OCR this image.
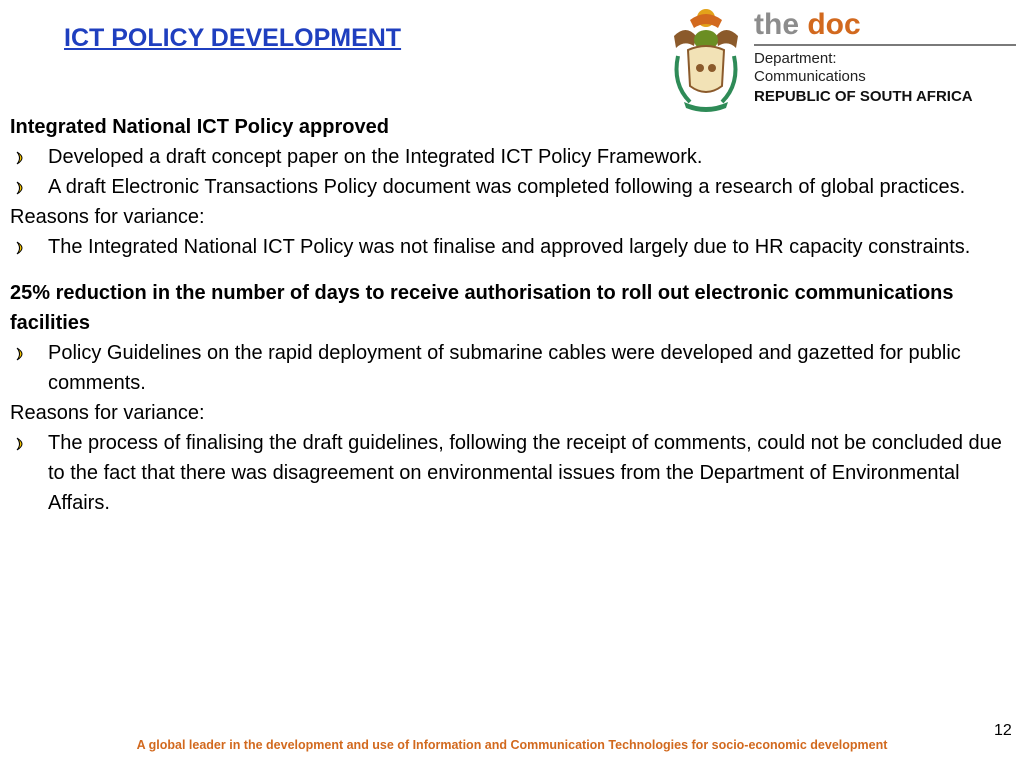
ICT POLICY DEVELOPMENT	the doc
Department:
Communications
REPUBLIC OF SOUTH AFRICA

Integrated National ICT Policy approved

Developed a draft concept paper on the Integrated ICT Policy Framework.

A draft Electronic Transactions Policy document was completed following a research of global practices.

Reasons for variance:

The Integrated National ICT Policy was not finalise and approved largely due to HR capacity constraints.

25% reduction in the number of days to receive authorisation to roll out electronic communications facilities

Policy Guidelines on the rapid deployment of submarine cables were developed and gazetted for public comments.

Reasons for variance:

The process of finalising the draft guidelines, following the receipt of comments, could not be concluded due to the fact that there was disagreement on environmental issues from the Department of Environmental Affairs.

12
A global leader in the development and use of Information and Communication Technologies for socio-economic development
